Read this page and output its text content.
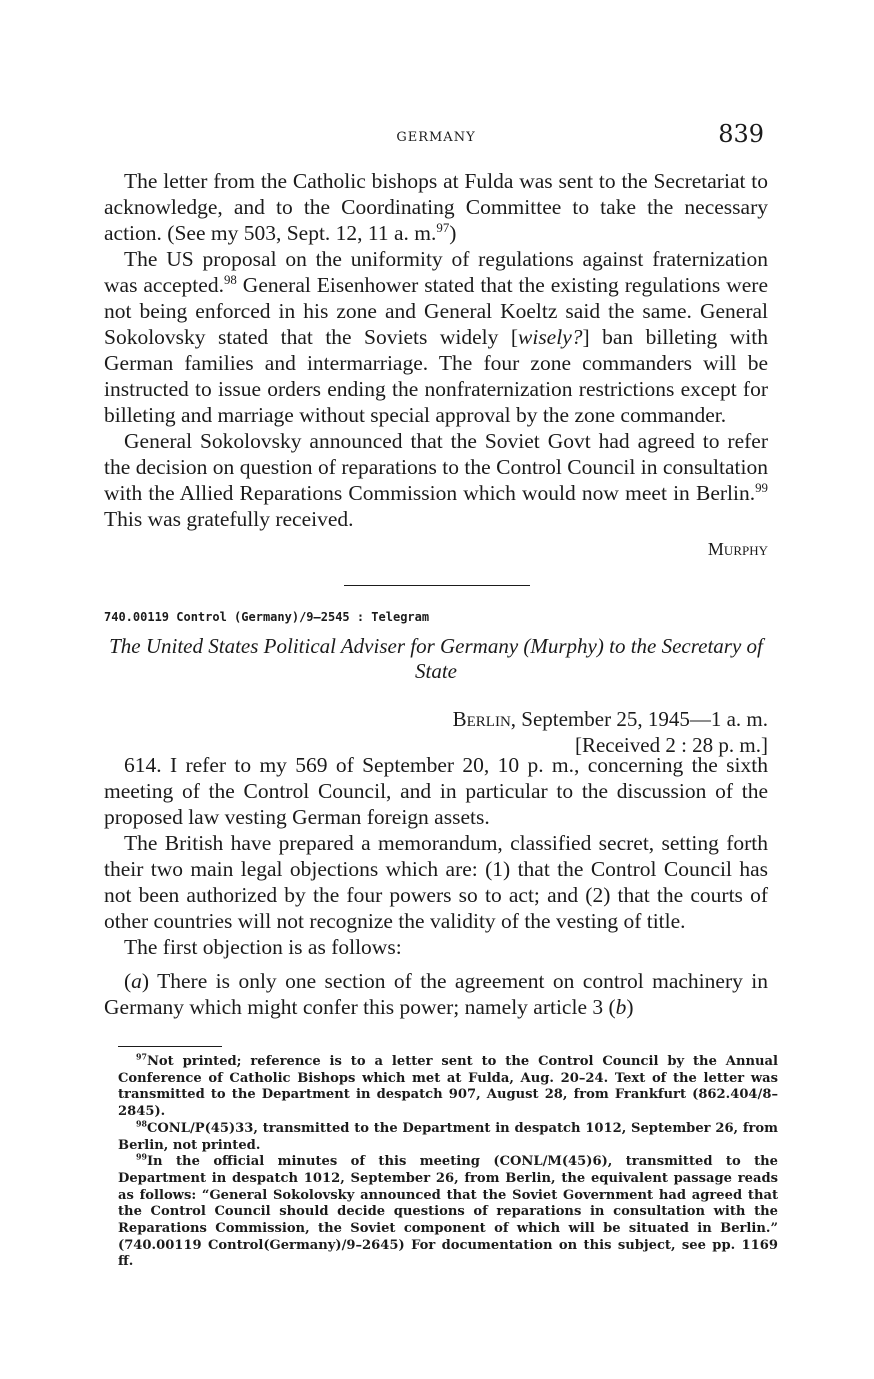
GERMANY	839

The letter from the Catholic bishops at Fulda was sent to the Secretariat to acknowledge, and to the Coordinating Committee to take the necessary action. (See my 503, Sept. 12, 11 a. m.$^{97}$)

The US proposal on the uniformity of regulations against fraternization was accepted.$^{98}$ General Eisenhower stated that the existing regulations were not being enforced in his zone and General Koeltz said the same. General Sokolovsky stated that the Soviets widely [wisely?] ban billeting with German families and intermarriage. The four zone commanders will be instructed to issue orders ending the nonfraternization restrictions except for billeting and marriage without special approval by the zone commander.

General Sokolovsky announced that the Soviet Govt had agreed to refer the decision on question of reparations to the Control Council in consultation with the Allied Reparations Commission which would now meet in Berlin.$^{99}$ This was gratefully received.

Murphy
740.00119 Control (Germany)/9–2545 : Telegram
The United States Political Adviser for Germany (Murphy) to the Secretary of State
Berlin, September 25, 1945—1 a. m.
[Received 2 : 28 p. m.]

614. I refer to my 569 of September 20, 10 p. m., concerning the sixth meeting of the Control Council, and in particular to the discussion of the proposed law vesting German foreign assets.

The British have prepared a memorandum, classified secret, setting forth their two main legal objections which are: (1) that the Control Council has not been authorized by the four powers so to act; and (2) that the courts of other countries will not recognize the validity of the vesting of title.

The first objection is as follows:

(a) There is only one section of the agreement on control machinery in Germany which might confer this power; namely article 3 (b)

$^{97}$Not printed; reference is to a letter sent to the Control Council by the Annual Conference of Catholic Bishops which met at Fulda, Aug. 20–24. Text of the letter was transmitted to the Department in despatch 907, August 28, from Frankfurt (862.404/8–2845).

$^{98}$CONL/P(45)33, transmitted to the Department in despatch 1012, September 26, from Berlin, not printed.

$^{99}$In the official minutes of this meeting (CONL/M(45)6), transmitted to the Department in despatch 1012, September 26, from Berlin, the equivalent passage reads as follows: “General Sokolovsky announced that the Soviet Government had agreed that the Control Council should decide questions of reparations in consultation with the Reparations Commission, the Soviet component of which will be situated in Berlin.” (740.00119 Control(Germany)/9–2645) For documentation on this subject, see pp. 1169 ff.
